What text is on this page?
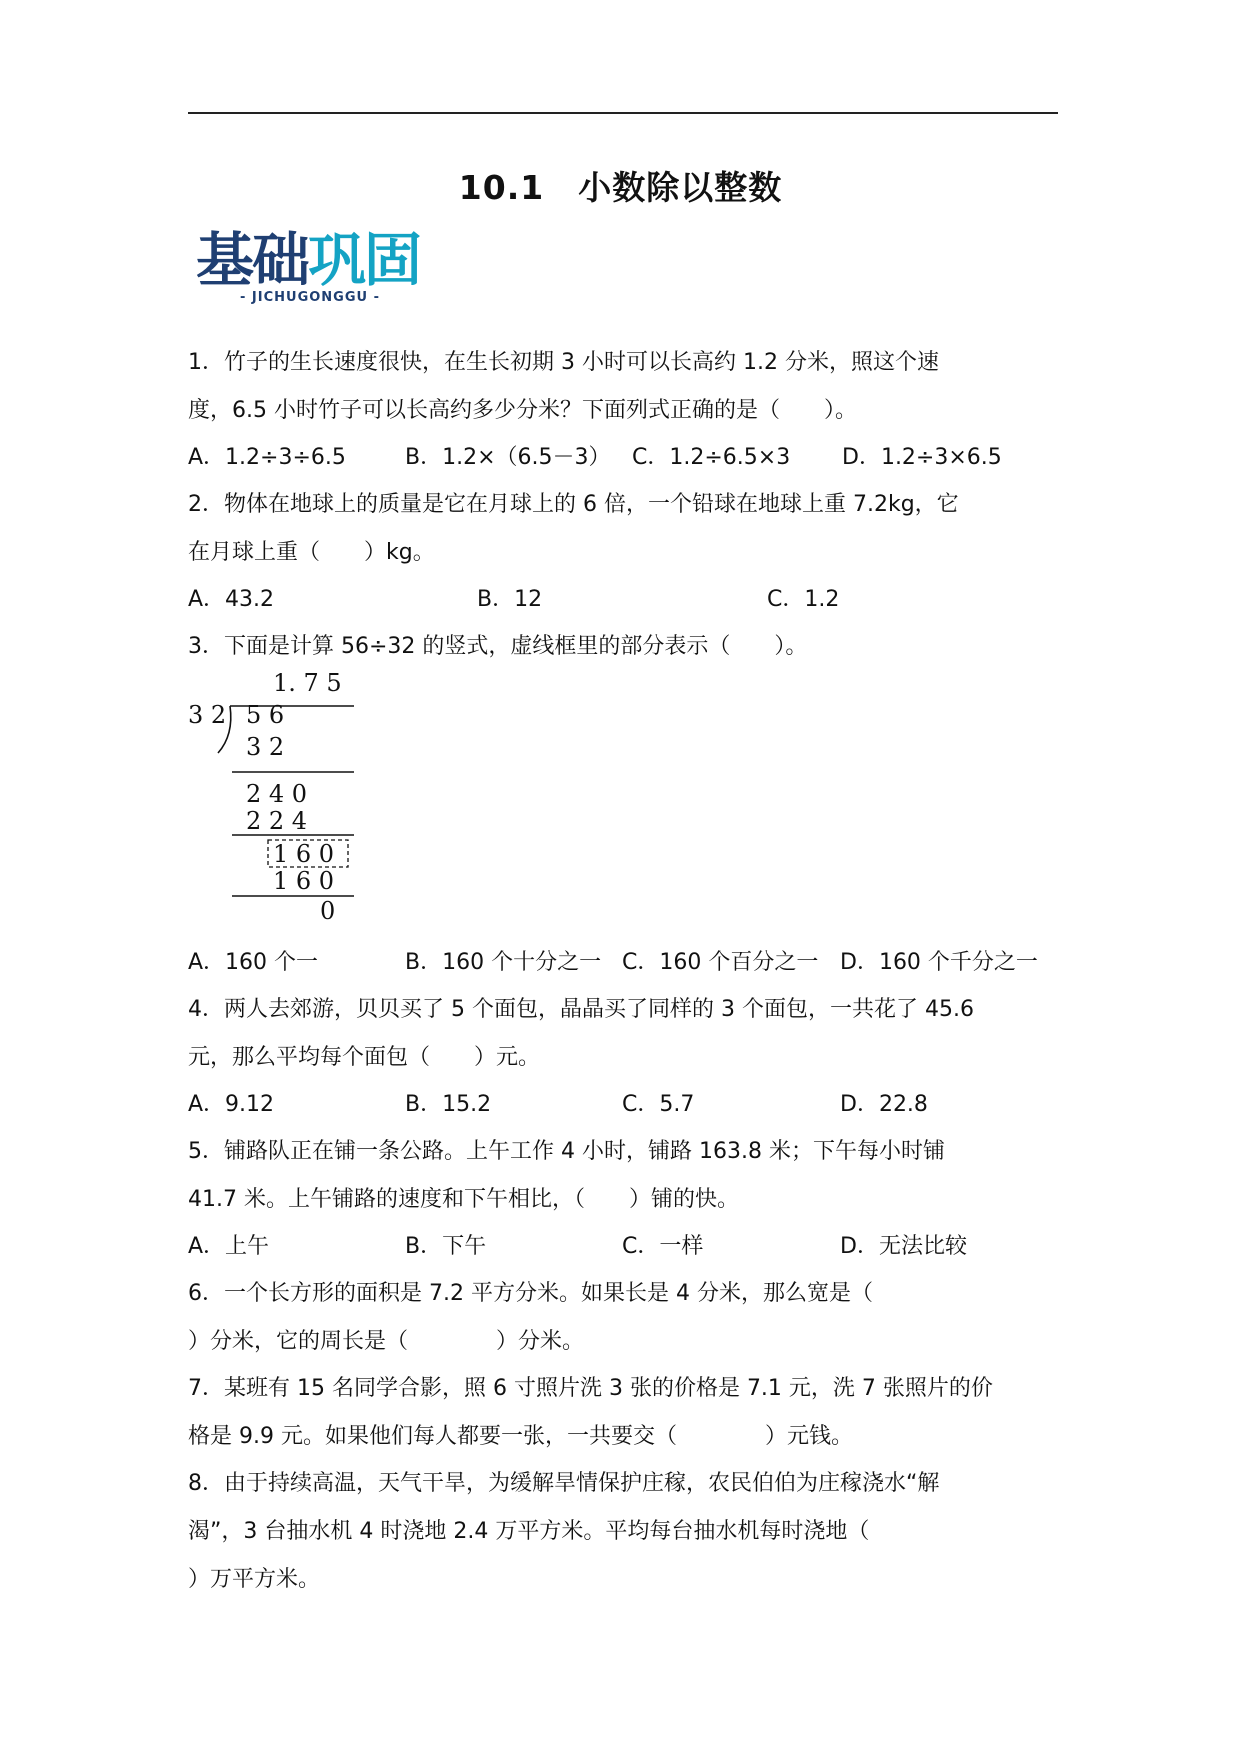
10.1　小数除以整数
基础巩固
- JICHUGONGGU -
1．竹子的生长速度很快，在生长初期 3 小时可以长高约 1.2 分米，照这个速
度，6.5 小时竹子可以长高约多少分米？下面列式正确的是（　　）。
A．1.2÷3÷6.5	B．1.2×（6.5－3） C．1.2÷6.5×3 D．1.2÷3×6.5
2．物体在地球上的质量是它在月球上的 6 倍，一个铅球在地球上重 7.2kg，它
在月球上重（　　）kg。
A．43.2	B．12	C．1.2
3．下面是计算 56÷32 的竖式，虚线框里的部分表示（　　）。
1. 7 5
3 2 5 6
3 2
2 4 0
2 2 4
1 6 0
1 6 0
0
A．160 个一	B．160 个十分之一 C．160 个百分之一 D．160 个千分之一
4．两人去郊游，贝贝买了 5 个面包，晶晶买了同样的 3 个面包，一共花了 45.6
元，那么平均每个面包（　　）元。
A．9.12	B．15.2	C．5.7	D．22.8
5．铺路队正在铺一条公路。上午工作 4 小时，铺路 163.8 米；下午每小时铺
41.7 米。上午铺路的速度和下午相比，（　　）铺的快。
A．上午	B．下午	C．一样	D．无法比较
6．一个长方形的面积是 7.2 平方分米。如果长是 4 分米，那么宽是（
）分米，它的周长是（　　　　）分米。
7．某班有 15 名同学合影，照 6 寸照片洗 3 张的价格是 7.1 元，洗 7 张照片的价
格是 9.9 元。如果他们每人都要一张，一共要交（　　　　）元钱。
8．由于持续高温，天气干旱，为缓解旱情保护庄稼，农民伯伯为庄稼浇水“解
渴”，3 台抽水机 4 时浇地 2.4 万平方米。平均每台抽水机每时浇地（
）万平方米。
